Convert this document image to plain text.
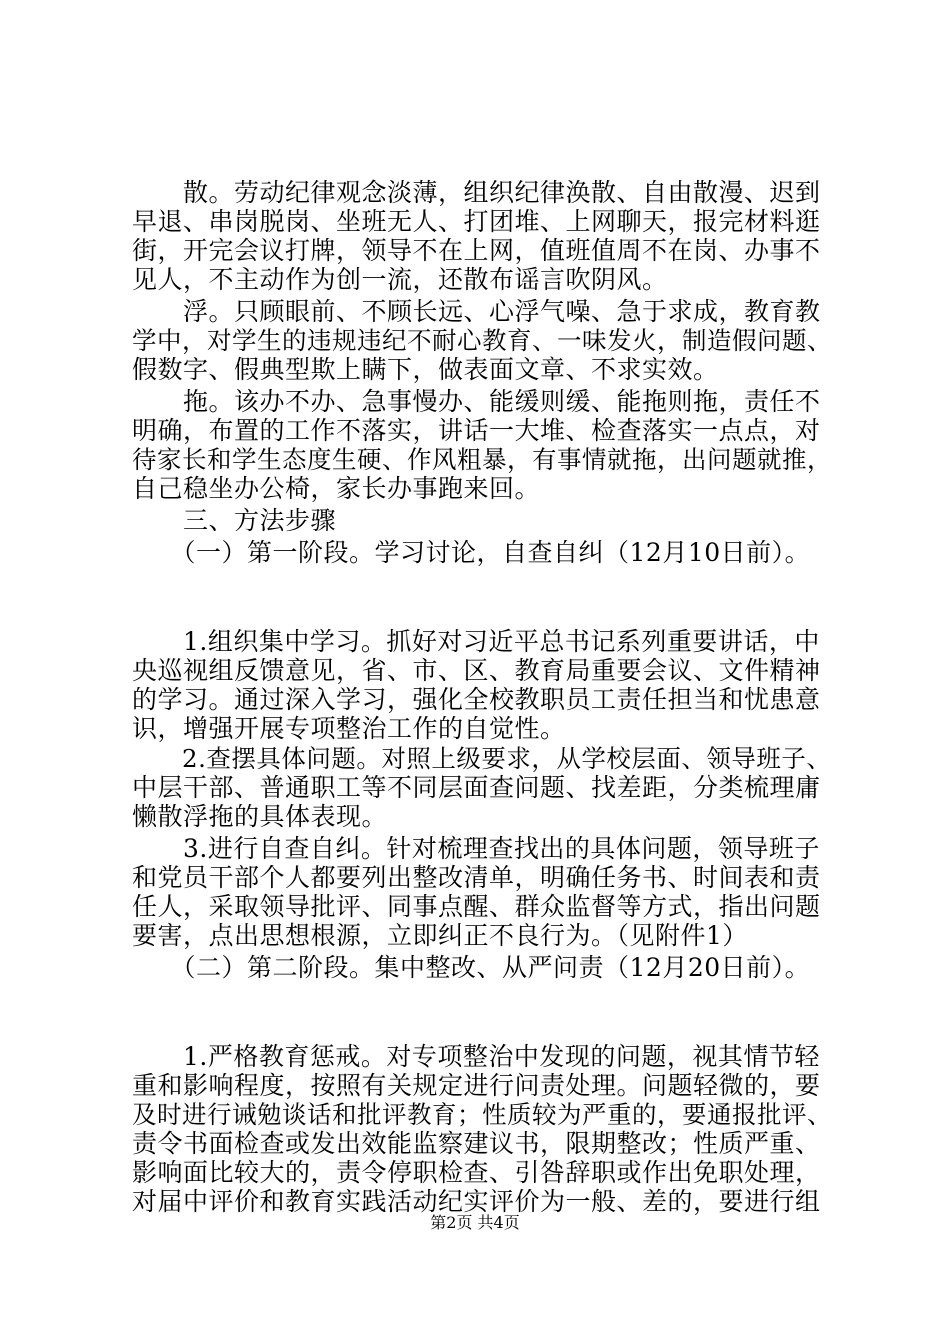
　　散。劳动纪律观念淡薄，组织纪律涣散、自由散漫、迟到

早退、串岗脱岗、坐班无人、打团堆、上网聊天，报完材料逛

街，开完会议打牌，领导不在上网，值班值周不在岗、办事不

见人，不主动作为创一流，还散布谣言吹阴风。

　　浮。只顾眼前、不顾长远、心浮气噪、急于求成，教育教

学中，对学生的违规违纪不耐心教育、一味发火，制造假问题、

假数字、假典型欺上瞒下，做表面文章、不求实效。

　　拖。该办不办、急事慢办、能缓则缓、能拖则拖，责任不

明确，布置的工作不落实，讲话一大堆、检查落实一点点，对

待家长和学生态度生硬、作风粗暴，有事情就拖，出问题就推，

自己稳坐办公椅，家长办事跑来回。

　　三、方法步骤

　　（一）第一阶段。学习讨论，自查自纠（12月10日前）。

　　1.组织集中学习。抓好对习近平总书记系列重要讲话，中

央巡视组反馈意见，省、市、区、教育局重要会议、文件精神

的学习。通过深入学习，强化全校教职员工责任担当和忧患意

识，增强开展专项整治工作的自觉性。

　　2.查摆具体问题。对照上级要求，从学校层面、领导班子、

中层干部、普通职工等不同层面查问题、找差距，分类梳理庸

懒散浮拖的具体表现。

　　3.进行自查自纠。针对梳理查找出的具体问题，领导班子

和党员干部个人都要列出整改清单，明确任务书、时间表和责

任人，采取领导批评、同事点醒、群众监督等方式，指出问题

要害，点出思想根源，立即纠正不良行为。（见附件1）

　　（二）第二阶段。集中整改、从严问责（12月20日前）。

　　1.严格教育惩戒。对专项整治中发现的问题，视其情节轻

重和影响程度，按照有关规定进行问责处理。问题轻微的，要

及时进行诫勉谈话和批评教育；性质较为严重的，要通报批评、

责令书面检查或发出效能监察建议书，限期整改；性质严重、

影响面比较大的，责令停职检查、引咎辞职或作出免职处理，

对届中评价和教育实践活动纪实评价为一般、差的，要进行组

第2页 共4页
